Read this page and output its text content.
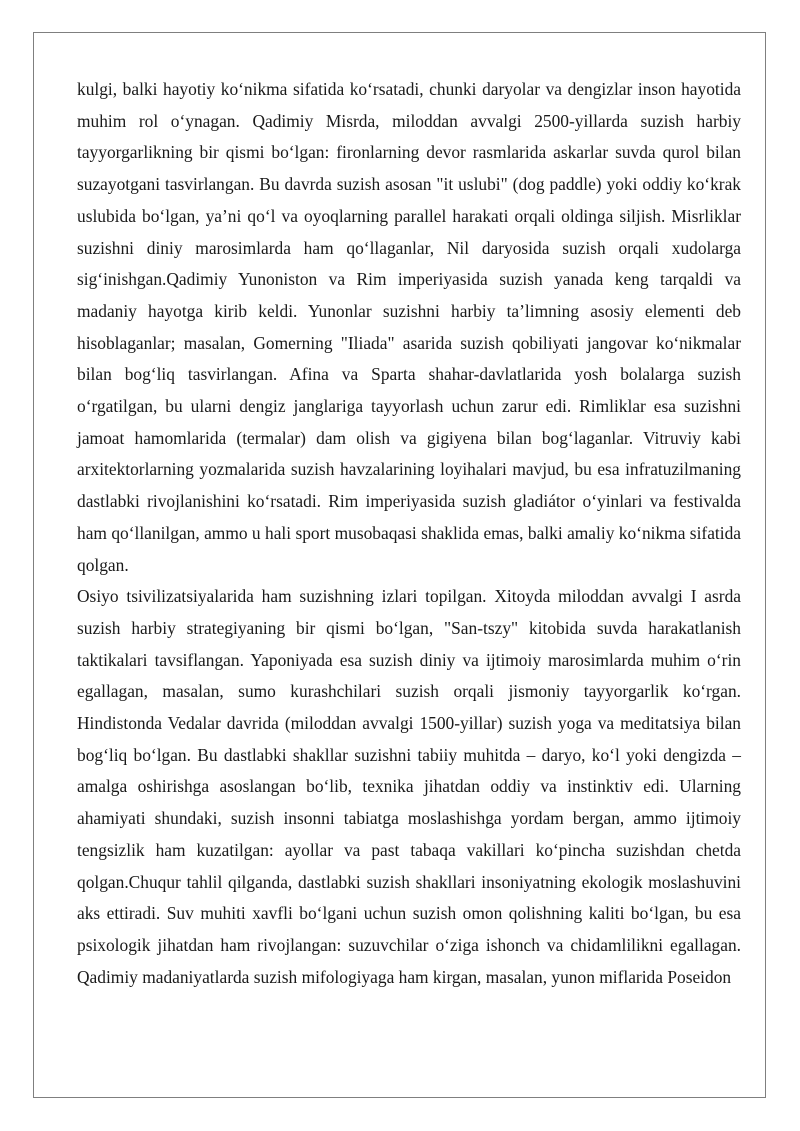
kulgi, balki hayotiy ko‘nikma sifatida ko‘rsatadi, chunki daryolar va dengizlar inson hayotida muhim rol o‘ynagan. Qadimiy Misrda, miloddan avvalgi 2500-yillarda suzish harbiy tayyorgarlikning bir qismi bo‘lgan: fironlarning devor rasmlarida askarlar suvda qurol bilan suzayotgani tasvirlangan. Bu davrda suzish asosan "it uslubi" (dog paddle) yoki oddiy ko‘krak uslubida bo‘lgan, ya’ni qo‘l va oyoqlarning parallel harakati orqali oldinga siljish. Misrliklar suzishni diniy marosimlarda ham qo‘llaganlar, Nil daryosida suzish orqali xudolarga sig‘inishgan.Qadimiy Yunoniston va Rim imperiyasida suzish yanada keng tarqaldi va madaniy hayotga kirib keldi. Yunonlar suzishni harbiy ta’limning asosiy elementi deb hisoblaganlar; masalan, Gomerning "Iliada" asarida suzish qobiliyati jangovar ko‘nikmalar bilan bog‘liq tasvirlangan. Afina va Sparta shahar-davlatlarida yosh bolalarga suzish o‘rgatilgan, bu ularni dengiz janglariga tayyorlash uchun zarur edi. Rimliklar esa suzishni jamoat hamomlarida (termalar) dam olish va gigiyena bilan bog‘laganlar. Vitruviy kabi arxitektorlarning yozmalarida suzish havzalarining loyihalari mavjud, bu esa infratuzilmaning dastlabki rivojlanishini ko‘rsatadi. Rim imperiyasida suzish gladiátor o‘yinlari va festivalda ham qo‘llanilgan, ammo u hali sport musobaqasi shaklida emas, balki amaliy ko‘nikma sifatida qolgan.

Osiyo tsivilizatsiyalarida ham suzishning izlari topilgan. Xitoyda miloddan avvalgi I asrda suzish harbiy strategiyaning bir qismi bo‘lgan, "San-tszy" kitobida suvda harakatlanish taktikalari tavsiflangan. Yaponiyada esa suzish diniy va ijtimoiy marosimlarda muhim o‘rin egallagan, masalan, sumo kurashchilari suzish orqali jismoniy tayyorgarlik ko‘rgan. Hindistonda Vedalar davrida (miloddan avvalgi 1500-yillar) suzish yoga va meditatsiya bilan bog‘liq bo‘lgan. Bu dastlabki shakllar suzishni tabiiy muhitda – daryo, ko‘l yoki dengizda – amalga oshirishga asoslangan bo‘lib, texnika jihatdan oddiy va instinktiv edi. Ularning ahamiyati shundaki, suzish insonni tabiatga moslashishga yordam bergan, ammo ijtimoiy tengsizlik ham kuzatilgan: ayollar va past tabaqa vakillari ko‘pincha suzishdan chetda qolgan.Chuqur tahlil qilganda, dastlabki suzish shakllari insoniyatning ekologik moslashuvini aks ettiradi. Suv muhiti xavfli bo‘lgani uchun suzish omon qolishning kaliti bo‘lgan, bu esa psixologik jihatdan ham rivojlangan: suzuvchilar o‘ziga ishonch va chidamlilikni egallagan. Qadimiy madaniyatlarda suzish mifologiyaga ham kirgan, masalan, yunon miflarida Poseidon
